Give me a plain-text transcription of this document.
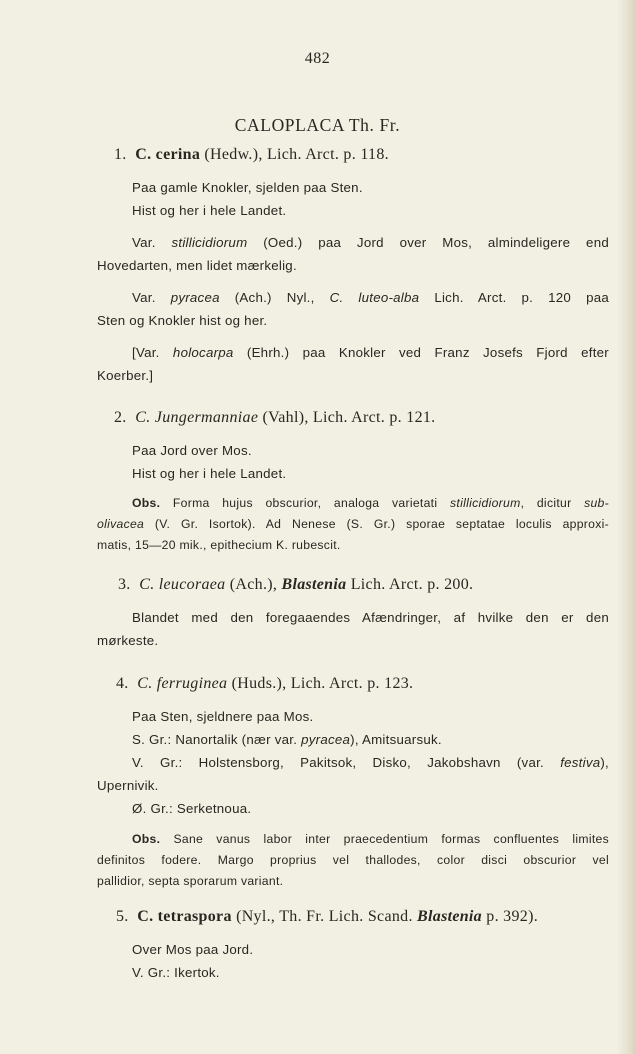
482
CALOPLACA Th. Fr.
1. C. cerina (Hedw.), Lich. Arct. p. 118.
Paa gamle Knokler, sjelden paa Sten.
Hist og her i hele Landet.
Var. stillicidiorum (Oed.) paa Jord over Mos, almindeligere end
Hovedarten, men lidet mærkelig.
Var. pyracea (Ach.) Nyl., C. luteo-alba Lich. Arct. p. 120 paa
Sten og Knokler hist og her.
[Var. holocarpa (Ehrh.) paa Knokler ved Franz Josefs Fjord efter
Koerber.]
2. C. Jungermanniae (Vahl), Lich. Arct. p. 121.
Paa Jord over Mos.
Hist og her i hele Landet.
Obs. Forma hujus obscurior, analoga varietati stillicidiorum, dicitur sub-
olivacea (V. Gr. Isortok). Ad Nenese (S. Gr.) sporae septatae loculis approxi-
matis, 15—20 mik., epithecium K. rubescit.
3. C. leucoraea (Ach.), Blastenia Lich. Arct. p. 200.
Blandet med den foregaaendes Afændringer, af hvilke den er den
mørkeste.
4. C. ferruginea (Huds.), Lich. Arct. p. 123.
Paa Sten, sjeldnere paa Mos.
S. Gr.: Nanortalik (nær var. pyracea), Amitsuarsuk.
V. Gr.: Holstensborg, Pakitsok, Disko, Jakobshavn (var. festiva),
Upernivik.
Ø. Gr.: Serketnoua.
Obs. Sane vanus labor inter praecedentium formas confluentes limites
definitos fodere. Margo proprius vel thallodes, color disci obscurior vel
pallidior, septa sporarum variant.
5. C. tetraspora (Nyl., Th. Fr. Lich. Scand. Blastenia p. 392).
Over Mos paa Jord.
V. Gr.: Ikertok.
